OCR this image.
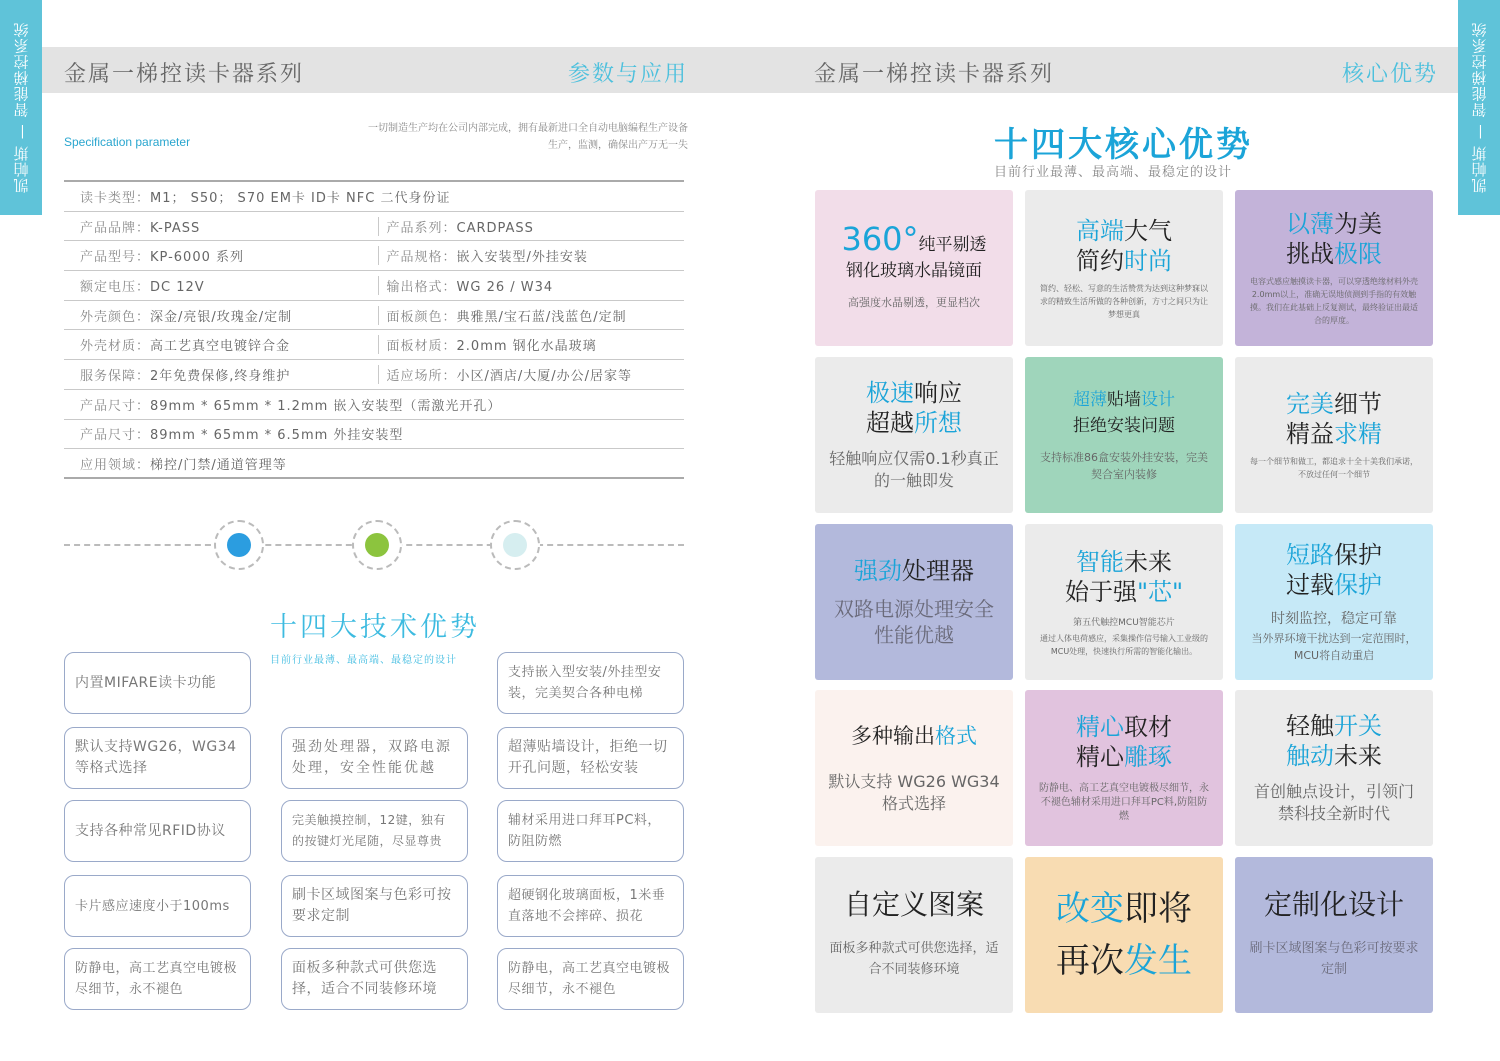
凯帕斯 — 智能梯控系统	金属一梯控读卡器系列	参数与应用
Specification parameter
一切制造生产均在公司内部完成，拥有最新进口全自动电脑编程生产设备生产，监测，确保出产万无一失
读卡类型：M1； S50； S70 EM卡 ID卡 NFC 二代身份证
产品品牌：K-PASS	产品系列：CARDPASS
产品型号：KP-6000 系列	产品规格：嵌入安装型/外挂安装
额定电压：DC 12V	输出格式：WG 26 / W34
外壳颜色：深金/亮银/玫瑰金/定制	面板颜色：典雅黑/宝石蓝/浅蓝色/定制
外壳材质：高工艺真空电镀锌合金	面板材质：2.0mm 钢化水晶玻璃
服务保障：2年免费保修,终身维护	适应场所：小区/酒店/大厦/办公/居家等
产品尺寸：89mm * 65mm * 1.2mm 嵌入安装型（需激光开孔）
产品尺寸：89mm * 65mm * 6.5mm 外挂安装型
应用领域：梯控/门禁/通道管理等
十四大技术优势
目前行业最薄、最高端、最稳定的设计
内置MIFARE读卡功能
支持嵌入型安装/外挂型安装，完美契合各种电梯
默认支持WG26，WG34等格式选择
强劲处理器，双路电源处理，安全性能优越
超薄贴墙设计，拒绝一切开孔问题，轻松安装
支持各种常见RFID协议
完美触摸控制，12键，独有的按键灯光尾随，尽显尊贵
辅材采用进口拜耳PC料，防阻防燃
卡片感应速度小于100ms
刷卡区域图案与色彩可按要求定制
超硬钢化玻璃面板，1米垂直落地不会摔碎、损花
防静电，高工艺真空电镀极尽细节，永不褪色
面板多种款式可供您选择，适合不同装修环境
防静电，高工艺真空电镀极尽细节，永不褪色
凯帕斯 — 智能梯控系统
金属一梯控读卡器系列	核心优势
十四大核心优势
目前行业最薄、最高端、最稳定的设计
360°纯平剔透
钢化玻璃水晶镜面
高强度水晶剔透，更显档次
高端大气
简约时尚
简约、轻松、写意的生活赞赏为达到这种梦寐以求的精致生活所做的各种创新，方寸之间只为让梦想更真
以薄为美
挑战极限
电容式感应触摸读卡器，可以穿透绝缘材料外壳2.0mm以上，准确无误地侦测到手指的有效触摸。我们在此基础上反复测试，最终验证出最适合的厚度。
极速响应
超越所想
轻触响应仅需0.1秒真正的一触即发
超薄贴墙设计
拒绝安装问题
支持标准86盒安装外挂安装，完美契合室内装修
完美细节
精益求精
每一个细节和做工，都追求十全十美我们承诺，不放过任何一个细节
强劲处理器
双路电源处理安全性能优越
智能未来
始于强"芯"
第五代触控MCU智能芯片
通过人体电荷感应，采集操作信号输入工业级的MCU处理，快速执行所需的智能化输出。
短路保护
过载保护
时刻监控，稳定可靠
当外界环境干扰达到一定范围时，MCU将自动重启
多种输出格式
默认支持 WG26 WG34 格式选择
精心取材
精心雕琢
防静电、高工艺真空电镀极尽细节，永不褪色辅材采用进口拜耳PC料,防阻防燃
轻触开关
触动未来
首创触点设计，引领门禁科技全新时代
自定义图案
面板多种款式可供您选择，适合不同装修环境
改变即将
再次发生
定制化设计
刷卡区域图案与色彩可按要求定制
